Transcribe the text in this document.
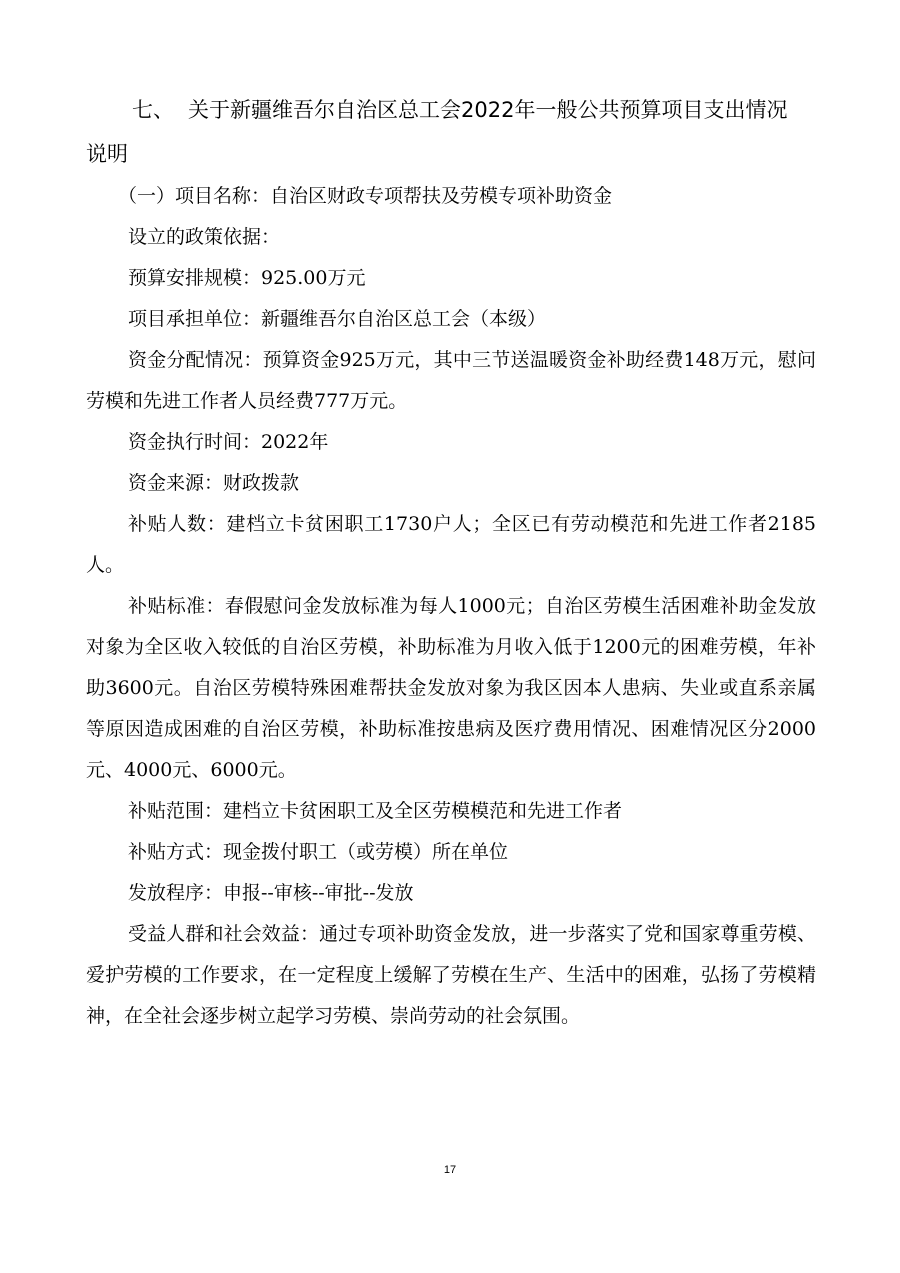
七、 关于新疆维吾尔自治区总工会2022年一般公共预算项目支出情况
说明

（一）项目名称：自治区财政专项帮扶及劳模专项补助资金

设立的政策依据：

预算安排规模：925.00万元

项目承担单位：新疆维吾尔自治区总工会（本级）

资金分配情况：预算资金925万元，其中三节送温暖资金补助经费148万元，慰问劳模和先进工作者人员经费777万元。

资金执行时间：2022年

资金来源：财政拨款

补贴人数：建档立卡贫困职工1730户人；全区已有劳动模范和先进工作者2185人。

补贴标准：春假慰问金发放标准为每人1000元；自治区劳模生活困难补助金发放对象为全区收入较低的自治区劳模，补助标准为月收入低于1200元的困难劳模，年补助3600元。自治区劳模特殊困难帮扶金发放对象为我区因本人患病、失业或直系亲属等原因造成困难的自治区劳模，补助标准按患病及医疗费用情况、困难情况区分2000元、4000元、6000元。

补贴范围：建档立卡贫困职工及全区劳模模范和先进工作者

补贴方式：现金拨付职工（或劳模）所在单位

发放程序：申报--审核--审批--发放

受益人群和社会效益：通过专项补助资金发放，进一步落实了党和国家尊重劳模、爱护劳模的工作要求，在一定程度上缓解了劳模在生产、生活中的困难，弘扬了劳模精神，在全社会逐步树立起学习劳模、崇尚劳动的社会氛围。

17
